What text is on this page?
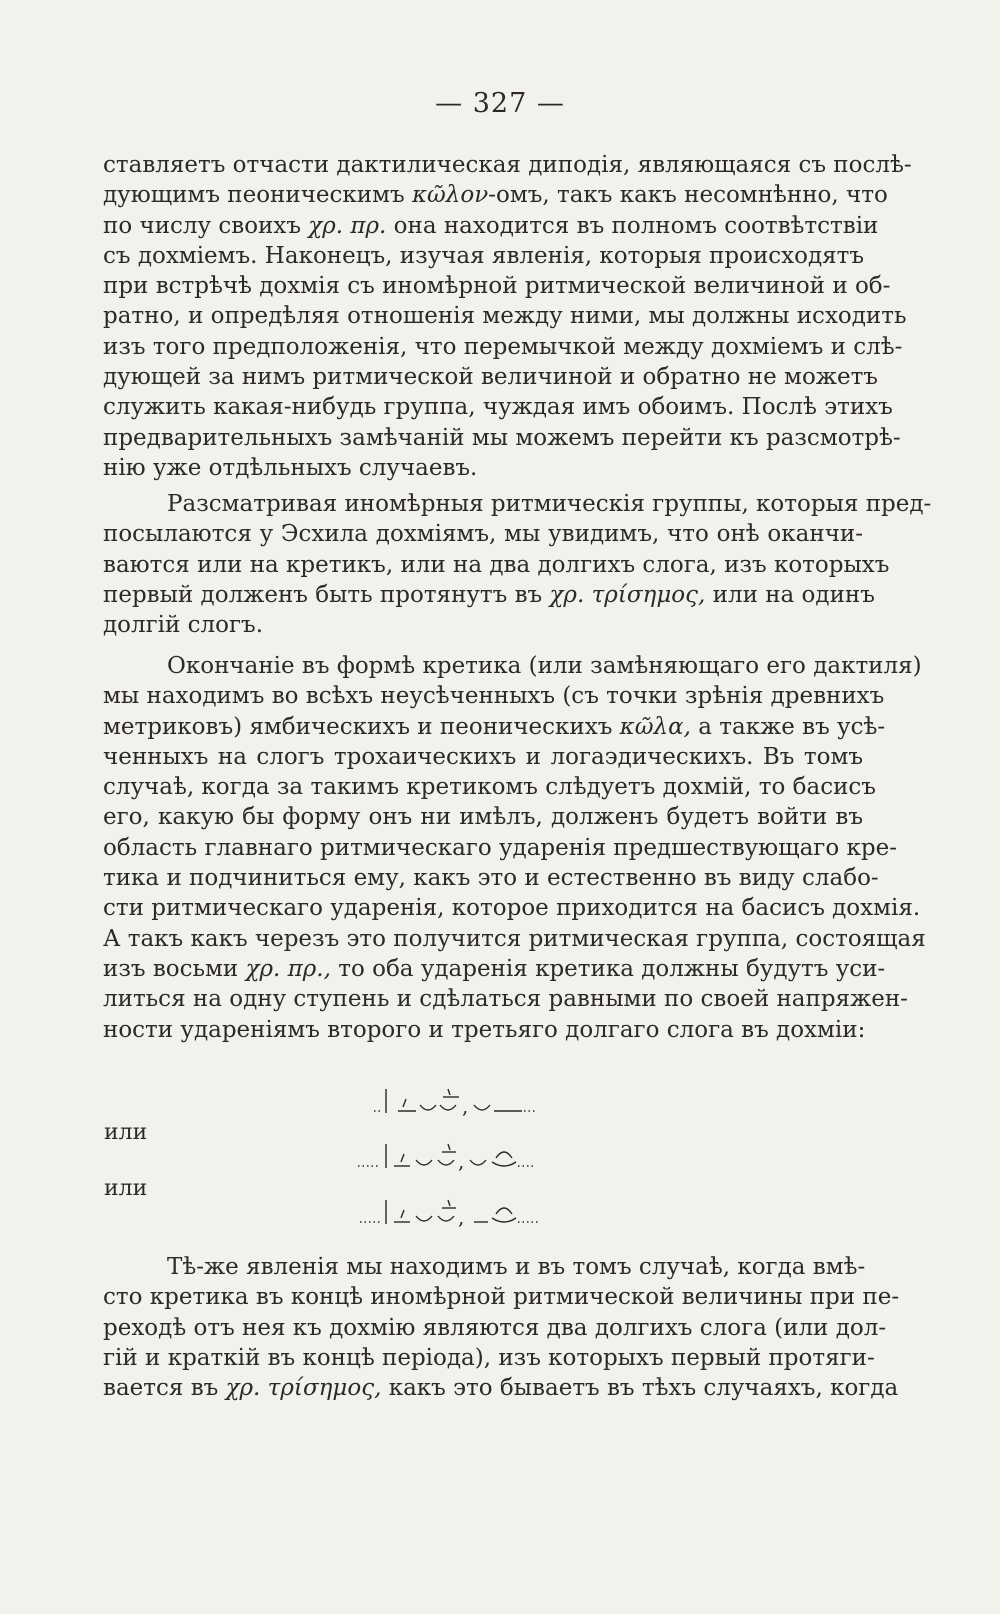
— 327 —
ставляетъ отчасти дактилическая диподія, являющаяся съ послѣ-
дующимъ пеоническимъ κῶλον-омъ, такъ какъ несомнѣнно, что
по числу своихъ χρ. πρ. она находится въ полномъ соотвѣтствіи
съ дохміемъ. Наконецъ, изучая явленія, которыя происходятъ
при встрѣчѣ дохмія съ иномѣрной ритмической величиной и об-
ратно, и опредѣляя отношенія между ними, мы должны исходить
изъ того предположенія, что перемычкой между дохміемъ и слѣ-
дующей за нимъ ритмической величиной и обратно не можетъ
служить какая-нибудь группа, чуждая имъ обоимъ. Послѣ этихъ
предварительныхъ замѣчаній мы можемъ перейти къ разсмотрѣ-
нію уже отдѣльныхъ случаевъ.
Разсматривая иномѣрныя ритмическія группы, которыя пред-
посылаются у Эсхила дохміямъ, мы увидимъ, что онѣ оканчи-
ваются или на кретикъ, или на два долгихъ слога, изъ которыхъ
первый долженъ быть протянутъ въ χρ. τρίσημος, или на одинъ
долгій слогъ.
Окончаніе въ формѣ кретика (или замѣняющаго его дактиля)
мы находимъ во всѣхъ неусѣченныхъ (съ точки зрѣнія древнихъ
метриковъ) ямбическихъ и пеоническихъ κῶλα, а также въ усѣ-
ченныхъ на слогъ трохаическихъ и логаэдическихъ. Въ томъ
случаѣ, когда за такимъ кретикомъ слѣдуетъ дохмій, то басисъ
его, какую бы форму онъ ни имѣлъ, долженъ будетъ войти въ
область главнаго ритмическаго ударенія предшествующаго кре-
тика и подчиниться ему, какъ это и естественно въ виду слабо-
сти ритмическаго ударенія, которое приходится на басисъ дохмія.
А такъ какъ черезъ это получится ритмическая группа, состоящая
изъ восьми χρ. πρ., то оба ударенія кретика должны будутъ уси-
литься на одну ступень и сдѣлаться равными по своей напряжен-
ности удареніямъ второго и третьяго долгаго слога въ дохміи:
,
или
,
или
,
Тѣ-же явленія мы находимъ и въ томъ случаѣ, когда вмѣ-
сто кретика въ концѣ иномѣрной ритмической величины при пе-
реходѣ отъ нея къ дохмію являются два долгихъ слога (или дол-
гій и краткій въ концѣ періода), изъ которыхъ первый протяги-
вается въ χρ. τρίσημος, какъ это бываетъ въ тѣхъ случаяхъ, когда
